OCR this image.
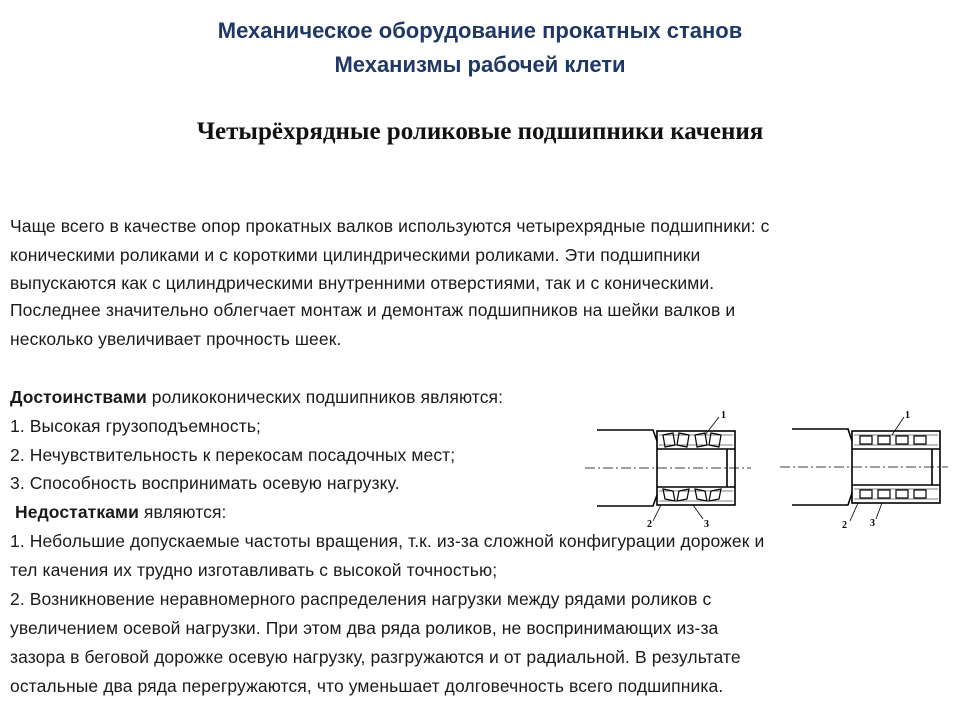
Механическое оборудование прокатных станов
Механизмы рабочей клети
Четырёхрядные роликовые подшипники качения
Чаще всего в качестве опор прокатных валков используются четырехрядные подшипники: с
коническими роликами и с короткими цилиндрическими роликами. Эти подшипники
выпускаются как с цилиндрическими внутренними отверстиями, так и с коническими.
Последнее значительно облегчает монтаж и демонтаж подшипников на шейки валков и
несколько увеличивает прочность шеек.
Достоинствами роликоконических подшипников являются:
1. Высокая грузоподъемность;
2. Нечувствительность к перекосам посадочных мест;
3. Способность воспринимать осевую нагрузку.
Недостатками являются:
1. Небольшие допускаемые частоты вращения, т.к. из-за сложной конфигурации дорожек и
тел качения их трудно изготавливать с высокой точностью;
2. Возникновение неравномерного распределения нагрузки между рядами роликов с
увеличением осевой нагрузки. При этом два ряда роликов, не воспринимающих из-за
зазора в беговой дорожке осевую нагрузку, разгружаются и от радиальной. В результате
остальные два ряда перегружаются, что уменьшает долговечность всего подшипника.
1
2	3
1
2 3
